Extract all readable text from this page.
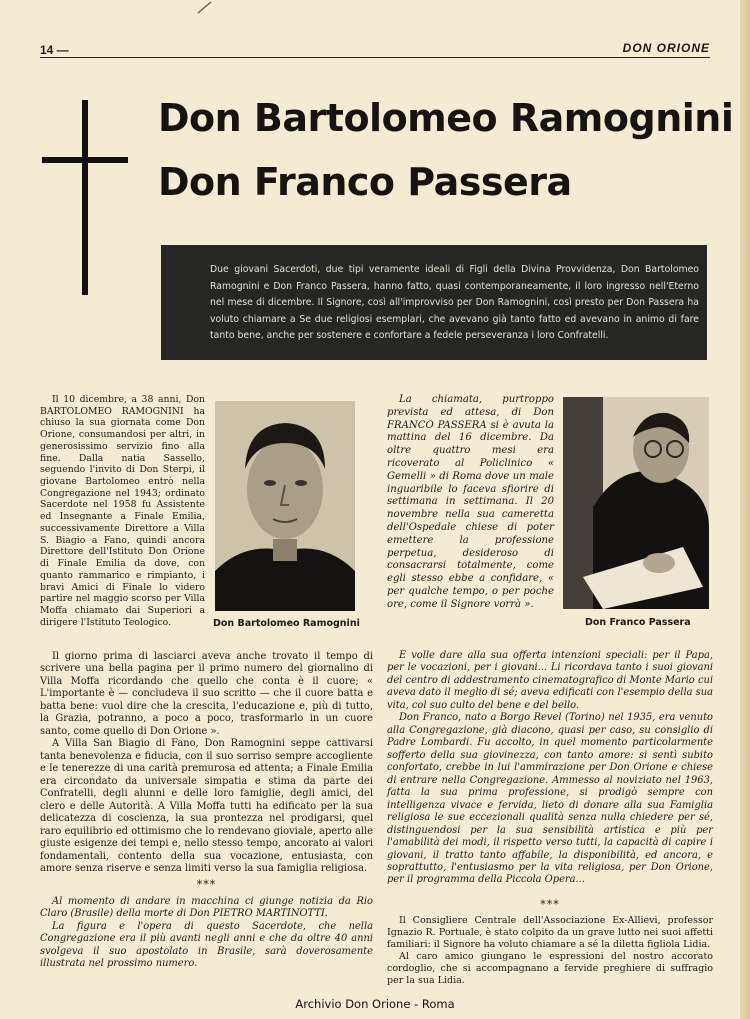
14 —	DON ORIONE
Don Bartolomeo Ramognini
Don Franco Passera
Due giovani Sacerdoti, due tipi veramente ideali di Figli della Divina Provvidenza, Don Bartolomeo Ramognini e Don Franco Passera, hanno fatto, quasi contemporaneamente, il loro ingresso nell'Eterno nel mese di dicembre. Il Signore, così all'improvviso per Don Ramognini, così presto per Don Passera ha voluto chiamare a Se due religiosi esemplari, che avevano già tanto fatto ed avevano in animo di fare tanto bene, anche per sostenere e confortare a fedele perseveranza i loro Confratelli.
Don Bartolomeo Ramognini	Don Franco Passera

Il 10 dicembre, a 38 anni, Don BARTOLOMEO RAMOGNINI ha chiuso la sua giornata come Don Orione, consumandosi per altri, in generosissimo servizio fino alla fine. Dalla natia Sassello, seguendo l'invito di Don Sterpi, il giovane Bartolomeo entrò nella Congregazione nel 1943; ordinato Sacerdote nel 1958 fu Assistente ed Insegnante a Finale Emilia, successivamente Direttore a Villa S. Biagio a Fano, quindi ancora Direttore dell'Istituto Don Orione di Finale Emilia da dove, con quanto rammarico e rimpianto, i bravi Amici di Finale lo videro partire nel maggio scorso per Villa Moffa chiamato dai Superiori a dirigere l'Istituto Teologico.

Il giorno prima di lasciarci aveva anche trovato il tempo di scrivere una bella pagina per il primo numero del giornalino di Villa Moffa ricordando che quello che conta è il cuore; « L'importante è — concludeva il suo scritto — che il cuore batta e batta bene: vuol dire che la crescita, l'educazione e, più di tutto, la Grazia, potranno, a poco a poco, trasformarlo in un cuore santo, come quello di Don Orione ».

A Villa San Biagio di Fano, Don Ramognini seppe cattivarsi tanta benevolenza e fiducia, con il suo sorriso sempre accogliente e le tenerezze di una carità premurosa ed attenta; a Finale Emilia era circondato da universale simpatia e stima da parte dei Confratelli, degli alunni e delle loro famiglie, degli amici, del clero e delle Autorità. A Villa Moffa tutti ha edificato per la sua delicatezza di coscienza, la sua prontezza nel prodigarsi, quel raro equilibrio ed ottimismo che lo rendevano gioviale, aperto alle giuste esigenze dei tempi e, nello stesso tempo, ancorato ai valori fondamentali, contento della sua vocazione, entusiasta, con amore senza riserve e senza limiti verso la sua famiglia religiosa.

***

Al momento di andare in macchina ci giunge notizia da Rio Claro (Brasile) della morte di Don PIETRO MARTINOTTI.

La figura e l'opera di questo Sacerdote, che nella Congregazione era il più avanti negli anni e che da oltre 40 anni svolgeva il suo apostolato in Brasile, sarà doverosamente illustrata nel prossimo numero.

La chiamata, purtroppo prevista ed attesa, di Don FRANCO PASSERA si è avuta la mattina del 16 dicembre. Da oltre quattro mesi era ricoverato al Policlinico « Gemelli » di Roma dove un male inguaribile lo faceva sfiorire di settimana in settimana. Il 20 novembre nella sua cameretta dell'Ospedale chiese di poter emettere la professione perpetua, desideroso di consacrarsi totalmente, come egli stesso ebbe a confidare, « per qualche tempo, o per poche ore, come il Signore vorrà ».

E volle dare alla sua offerta intenzioni speciali: per il Papa, per le vocazioni, per i giovani... Li ricordava tanto i suoi giovani del centro di addestramento cinematografico di Monte Mario cui aveva dato il meglio di sé; aveva edificati con l'esempio della sua vita, col suo culto del bene e del bello.

Don Franco, nato a Borgo Revel (Torino) nel 1935, era venuto alla Congregazione, già diacono, quasi per caso, su consiglio di Padre Lombardi. Fu accolto, in quel momento particolarmente sofferto della sua giovinezza, con tanto amore: si sentì subito confortato, crebbe in lui l'ammirazione per Don Orione e chiese di entrare nella Congregazione. Ammesso al noviziato nel 1963, fatta la sua prima professione, si prodigò sempre con intelligenza vivace e fervida, lieto di donare alla sua Famiglia religiosa le sue eccezionali qualità senza nulla chiedere per sé, distinguendosi per la sua sensibilità artistica e più per l'amabilità dei modi, il rispetto verso tutti, la capacità di capire i giovani, il tratto tanto affabile, la disponibilità, ed ancora, e soprattutto, l'entusiasmo per la vita religiosa, per Don Orione, per il programma della Piccola Opera...

***

Il Consigliere Centrale dell'Associazione Ex-Allievi, professor Ignazio R. Portuale, è stato colpito da un grave lutto nei suoi affetti familiari: il Signore ha voluto chiamare a sé la diletta figliola Lidia.

Al caro amico giungano le espressioni del nostro accorato cordoglio, che si accompagnano a fervide preghiere di suffragio per la sua Lidia.

Archivio Don Orione - Roma
